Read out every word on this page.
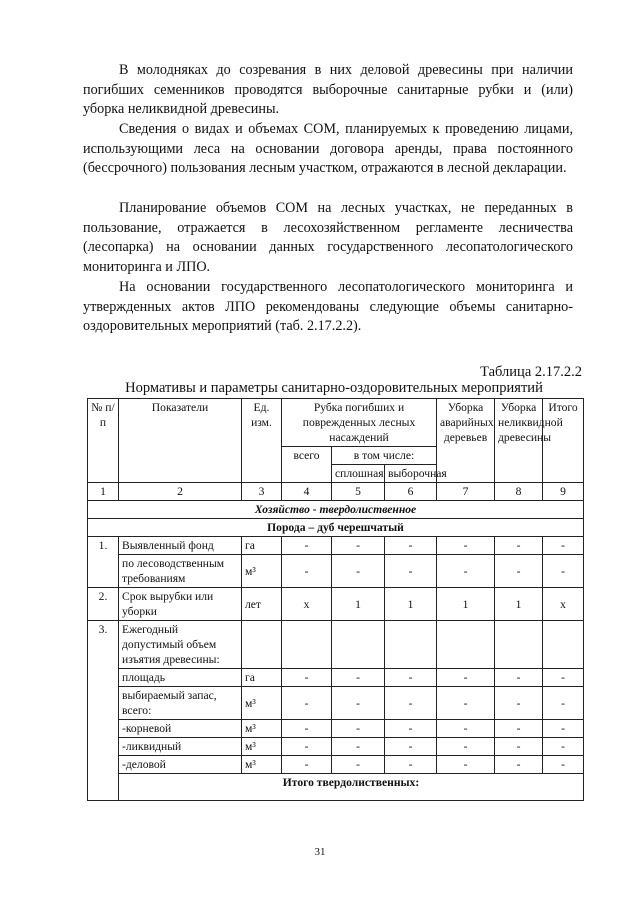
В молодняках до созревания в них деловой древесины при наличии погибших семенников проводятся выборочные санитарные рубки и (или) уборка неликвидной древесины.

Сведения о видах и объемах СОМ, планируемых к проведению лицами, использующими леса на основании договора аренды, права постоянного (бессрочного) пользования лесным участком, отражаются в лесной декларации.

Планирование объемов СОМ на лесных участках, не переданных в пользование, отражается в лесохозяйственном регламенте лесничества (лесопарка) на основании данных государственного лесопатологического мониторинга и ЛПО.

На основании государственного лесопатологического мониторинга и утвержденных актов ЛПО рекомендованы следующие объемы санитарно-оздоровительных мероприятий (таб. 2.17.2.2).

Таблица 2.17.2.2
Нормативы и параметры санитарно-оздоровительных мероприятий
№ п/п	Показатели	Ед. изм.	Рубка погибших и поврежденных лесных насаждений			Уборка аварийных деревьев	Уборка неликвидной древесины	Итого
			всего	в том числе:				
				сплошная	выборочная			
1	2	3	4	5	6	7	8	9
Хозяйство - твердолиственное								
Порода – дуб черешчатый								
1.	Выявленный фонд	га	-	-	-	-	-	-
	по лесоводственным требованиям	м³	-	-	-	-	-	-
2.	Срок вырубки или уборки	лет	х	1	1	1	1	х
3.	Ежегодный допустимый объем изъятия древесины:							
	площадь	га	-	-	-	-	-	-
	выбираемый запас, всего:	м³	-	-	-	-	-	-
	-корневой	м³	-	-	-	-	-	-
	-ликвидный	м³	-	-	-	-	-	-
	-деловой	м³	-	-	-	-	-	-
	Итого твердолиственных:							
31
